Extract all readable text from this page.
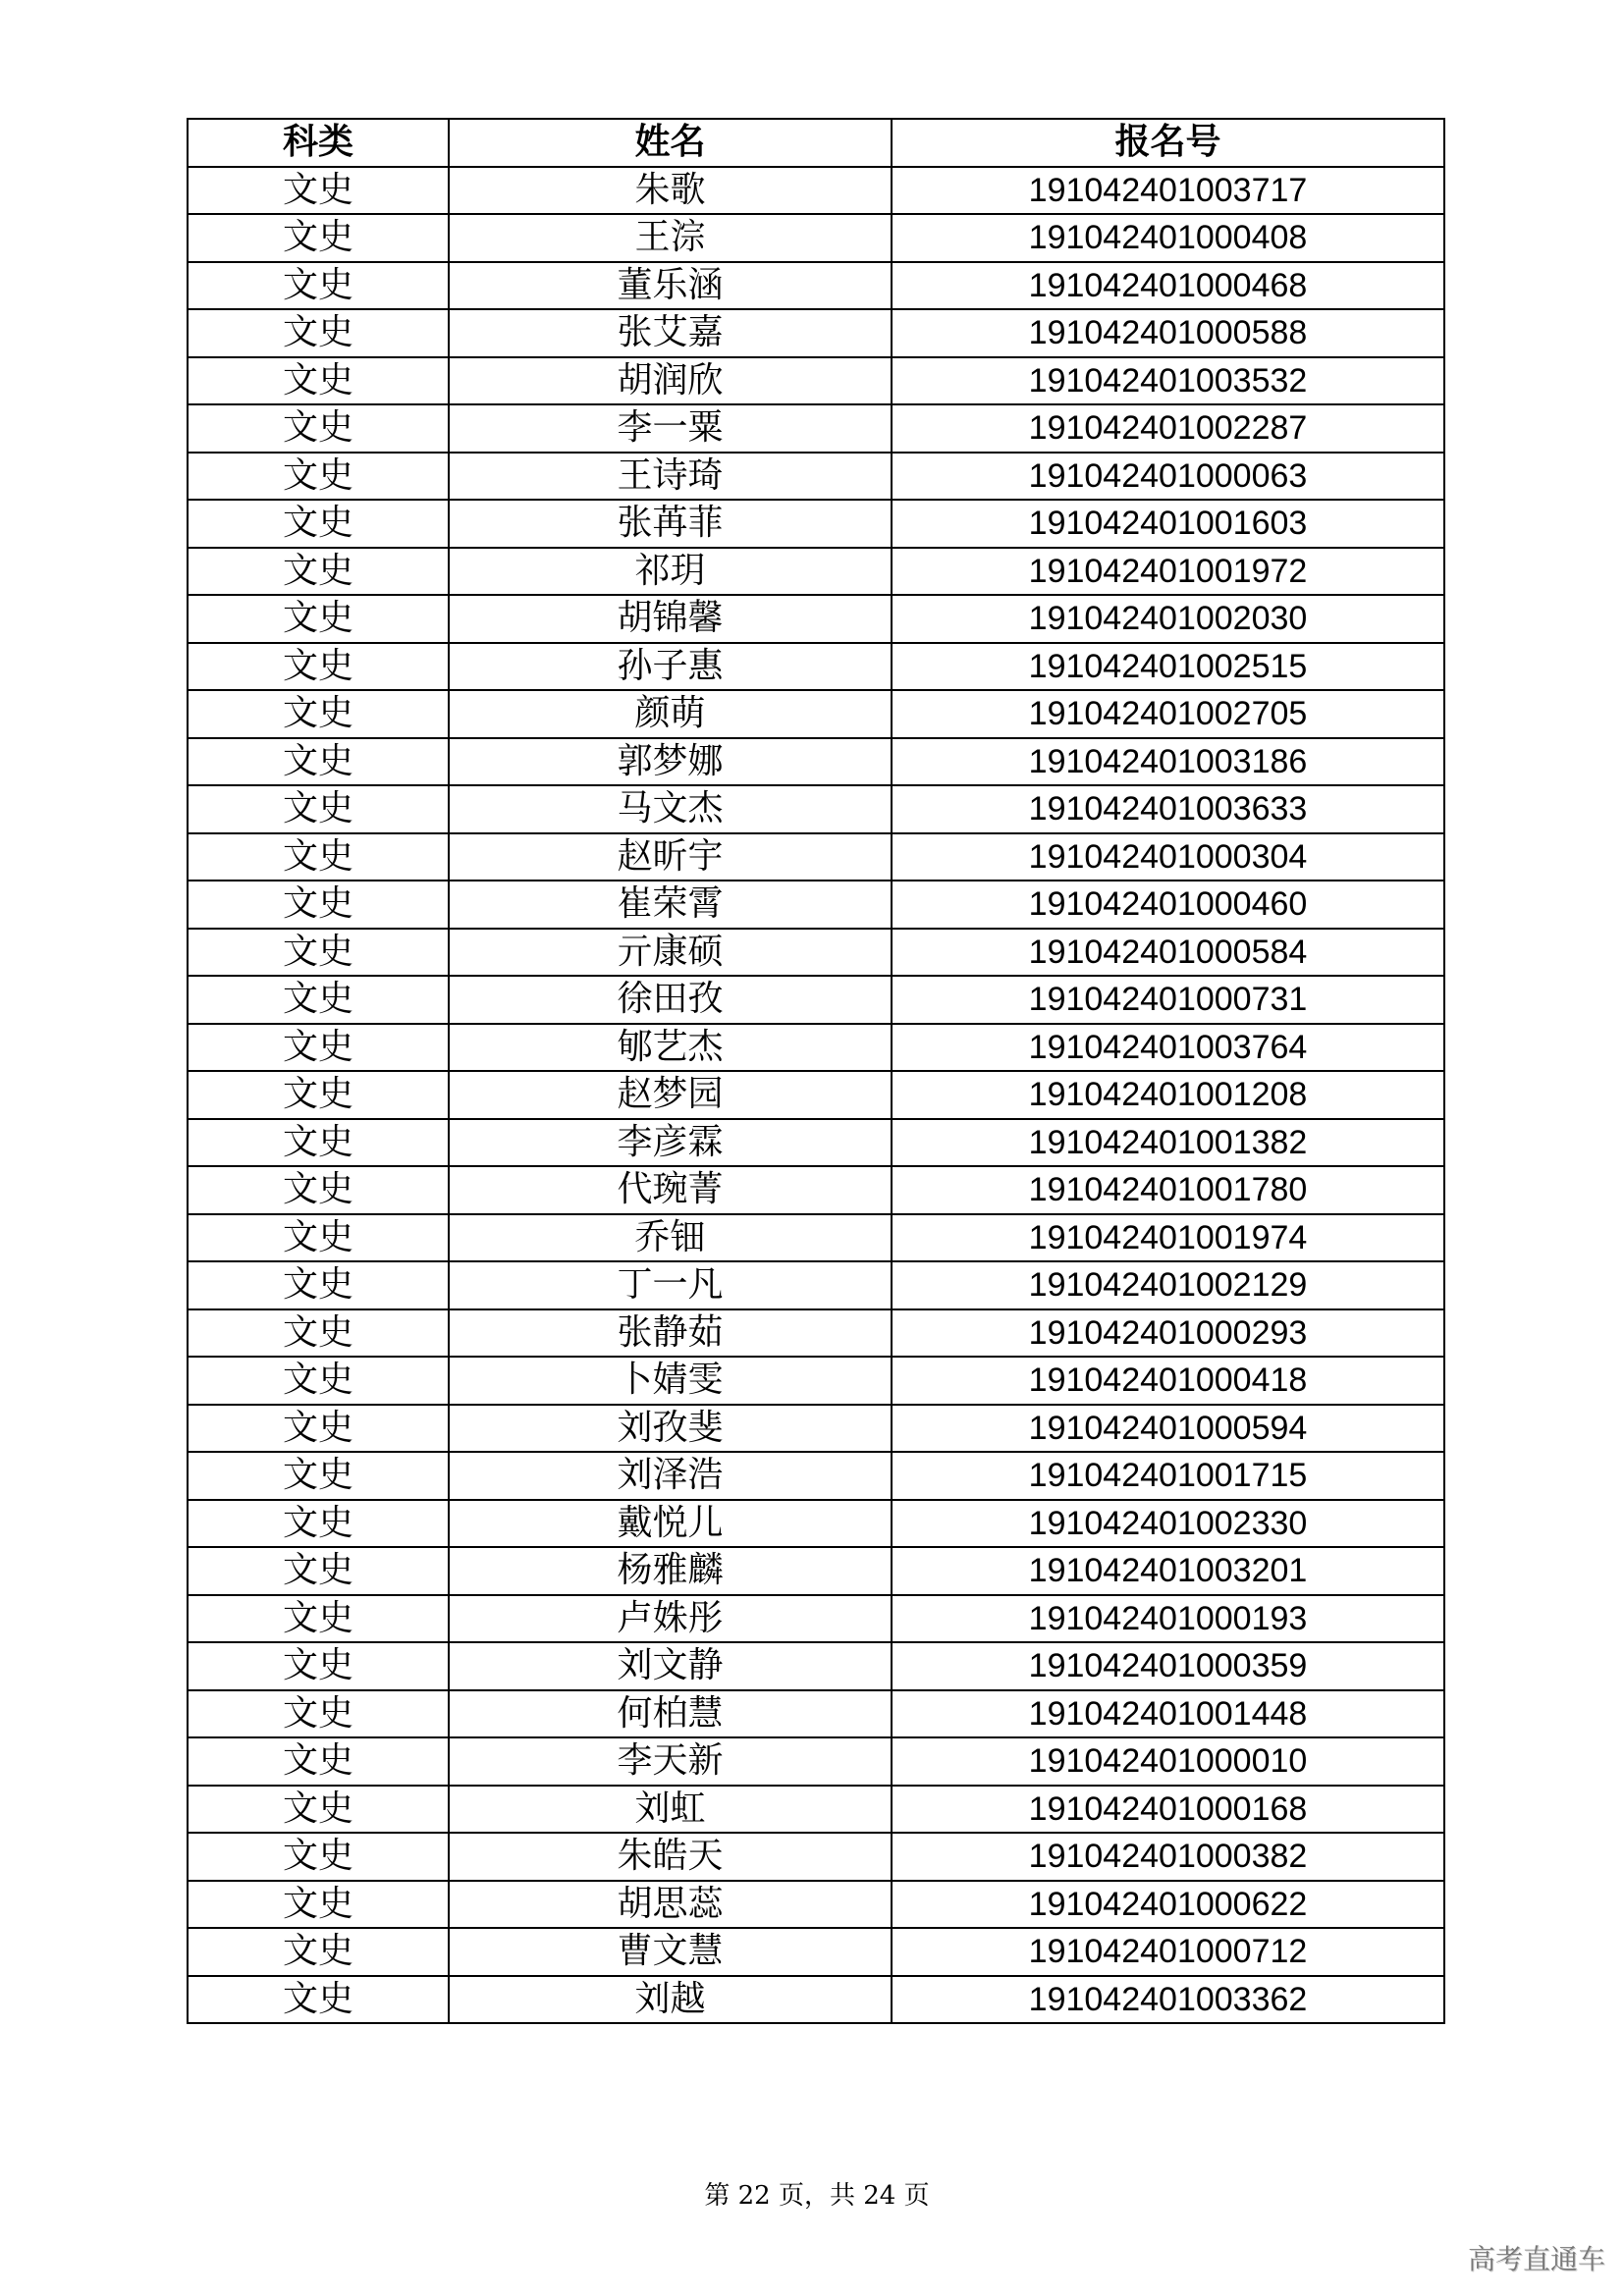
科类	姓名	报名号
文史	朱歌	191042401003717
文史	王淙	191042401000408
文史	董乐涵	191042401000468
文史	张艾嘉	191042401000588
文史	胡润欣	191042401003532
文史	李一粟	191042401002287
文史	王诗琦	191042401000063
文史	张苒菲	191042401001603
文史	祁玥	191042401001972
文史	胡锦馨	191042401002030
文史	孙子惠	191042401002515
文史	颜萌	191042401002705
文史	郭梦娜	191042401003186
文史	马文杰	191042401003633
文史	赵昕宇	191042401000304
文史	崔荣霄	191042401000460
文史	亓康硕	191042401000584
文史	徐田孜	191042401000731
文史	郇艺杰	191042401003764
文史	赵梦园	191042401001208
文史	李彦霖	191042401001382
文史	代琬菁	191042401001780
文史	乔钿	191042401001974
文史	丁一凡	191042401002129
文史	张静茹	191042401000293
文史	卜婧雯	191042401000418
文史	刘孜斐	191042401000594
文史	刘泽浩	191042401001715
文史	戴悦儿	191042401002330
文史	杨雅麟	191042401003201
文史	卢姝彤	191042401000193
文史	刘文静	191042401000359
文史	何柏慧	191042401001448
文史	李天新	191042401000010
文史	刘虹	191042401000168
文史	朱皓天	191042401000382
文史	胡思蕊	191042401000622
文史	曹文慧	191042401000712
文史	刘越	191042401003362
第 22 页，共 24 页
高考直通车
